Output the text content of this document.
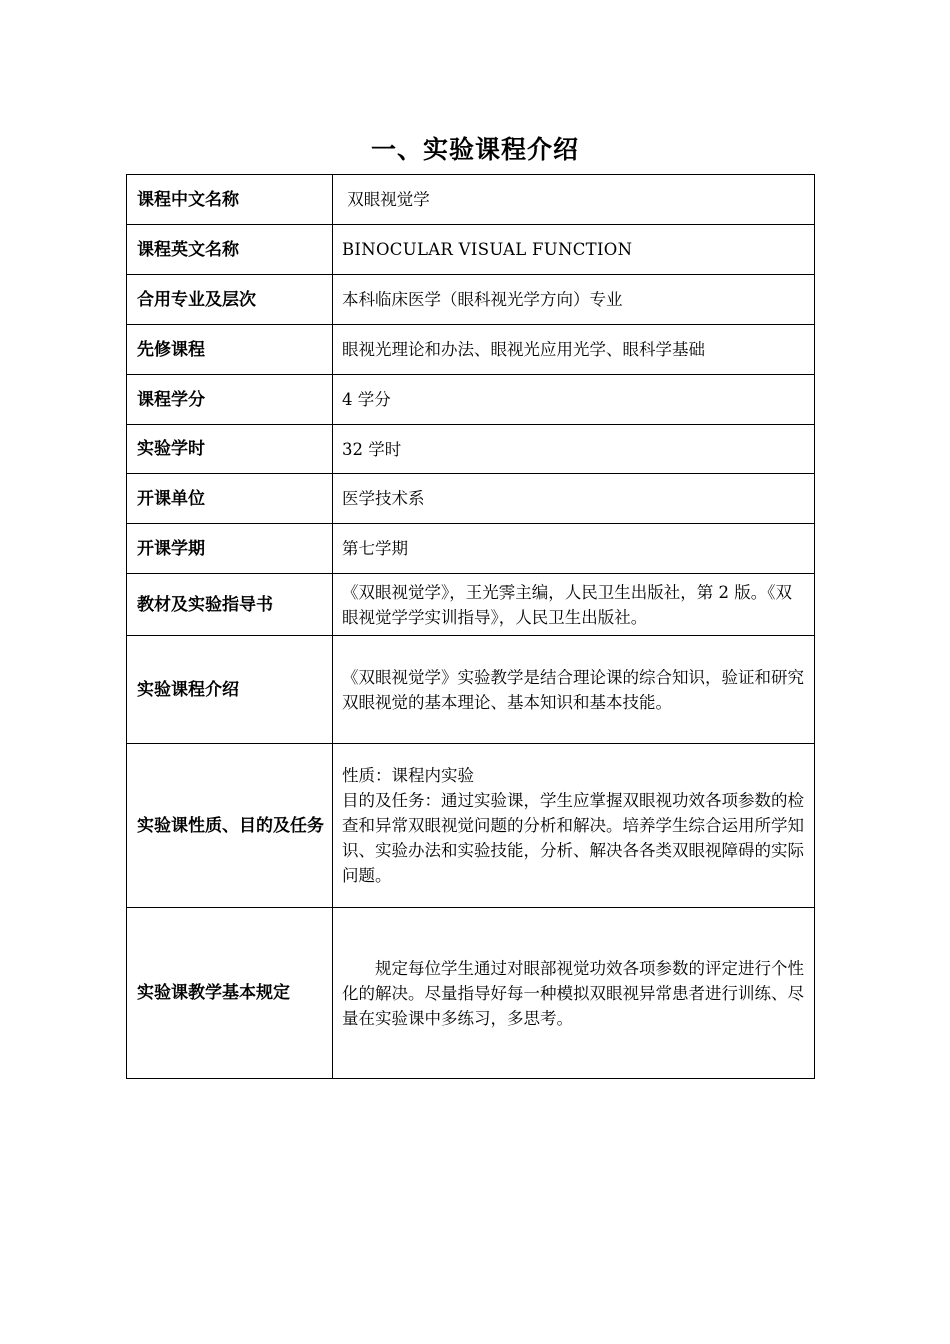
一、实验课程介绍
课程中文名称	双眼视觉学
课程英文名称	BINOCULAR VISUAL FUNCTION
合用专业及层次	本科临床医学（眼科视光学方向）专业
先修课程	眼视光理论和办法、眼视光应用光学、眼科学基础
课程学分	4 学分
实验学时	32 学时
开课单位	医学技术系
开课学期	第七学期
教材及实验指导书	《双眼视觉学》，王光霁主编，人民卫生出版社，第 2 版。《双眼视觉学学实训指导》，人民卫生出版社。
实验课程介绍	《双眼视觉学》实验教学是结合理论课的综合知识，验证和研究双眼视觉的基本理论、基本知识和基本技能。
实验课性质、目的及任务	性质：课程内实验
目的及任务：通过实验课，学生应掌握双眼视功效各项参数的检查和异常双眼视觉问题的分析和解决。培养学生综合运用所学知识、实验办法和实验技能，分析、解决各各类双眼视障碍的实际问题。

实验课教学基本规定	规定每位学生通过对眼部视觉功效各项参数的评定进行个性化的解决。尽量指导好每一种模拟双眼视异常患者进行训练、尽量在实验课中多练习，多思考。
